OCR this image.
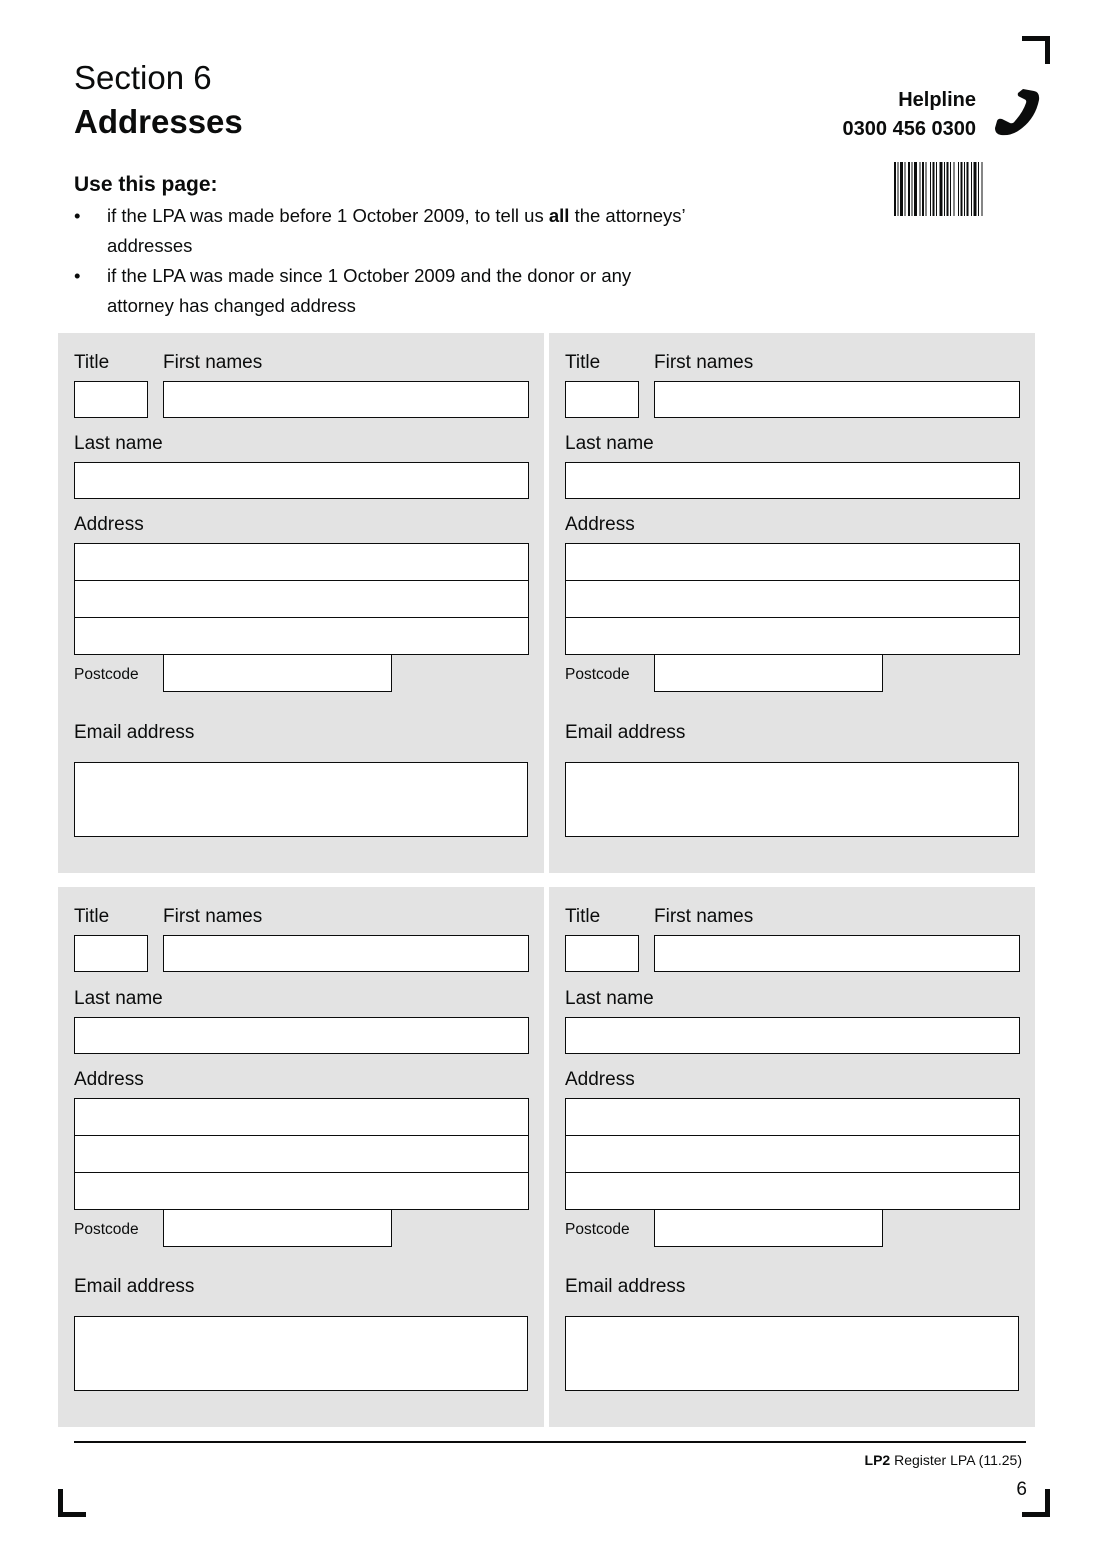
Section 6
Addresses
Helpline
0300 456 0300
Use this page:
• if the LPA was made before 1 October 2009, to tell us all the attorneys’ addresses
• if the LPA was made since 1 October 2009 and the donor or any attorney has changed address
Title	First names
Last name
Address
Postcode
Email address
Title	First names
Last name
Address
Postcode
Email address
Title	First names
Last name
Address
Postcode
Email address
Title	First names
Last name
Address
Postcode
Email address
LP2 Register LPA (11.25)
6
